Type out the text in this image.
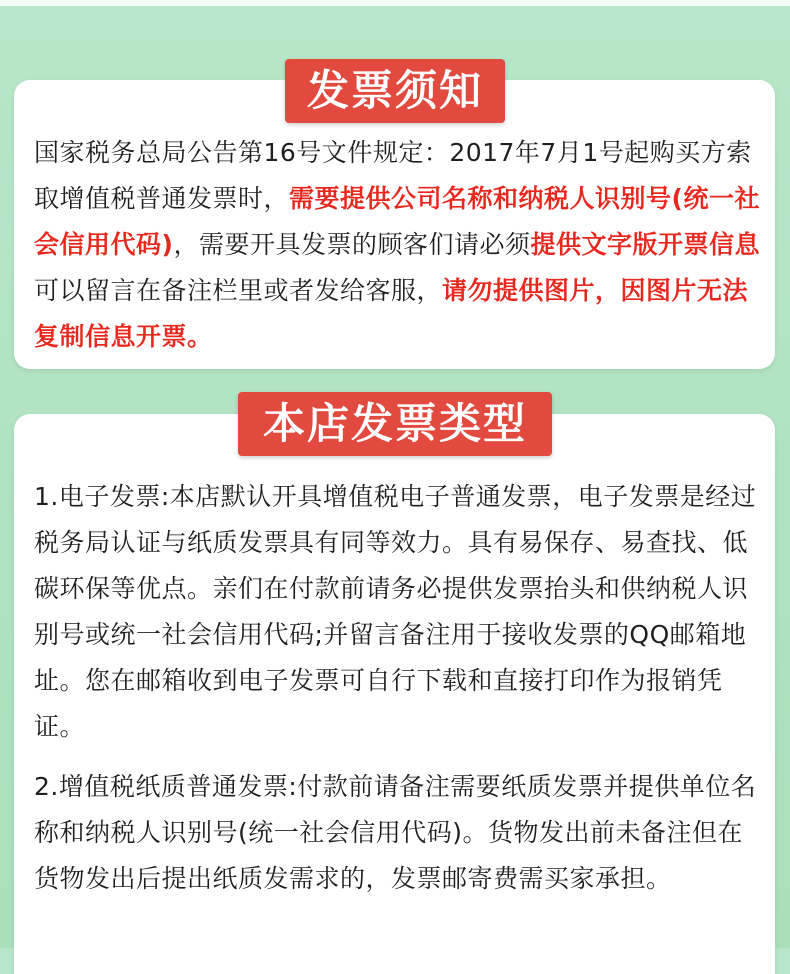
发票须知

国家税务总局公告第16号文件规定：2017年7月1号起购买方索取增值税普通发票时，需要提供公司名称和纳税人识别号(统一社会信用代码)，需要开具发票的顾客们请必须提供文字版开票信息可以留言在备注栏里或者发给客服，请勿提供图片，因图片无法复制信息开票。

本店发票类型

1.电子发票:本店默认开具增值税电子普通发票，电子发票是经过税务局认证与纸质发票具有同等效力。具有易保存、易查找、低碳环保等优点。亲们在付款前请务必提供发票抬头和供纳税人识别号或统一社会信用代码;并留言备注用于接收发票的QQ邮箱地址。您在邮箱收到电子发票可自行下载和直接打印作为报销凭证。

2.增值税纸质普通发票:付款前请备注需要纸质发票并提供单位名称和纳税人识别号(统一社会信用代码)。货物发出前未备注但在货物发出后提出纸质发需求的，发票邮寄费需买家承担。
